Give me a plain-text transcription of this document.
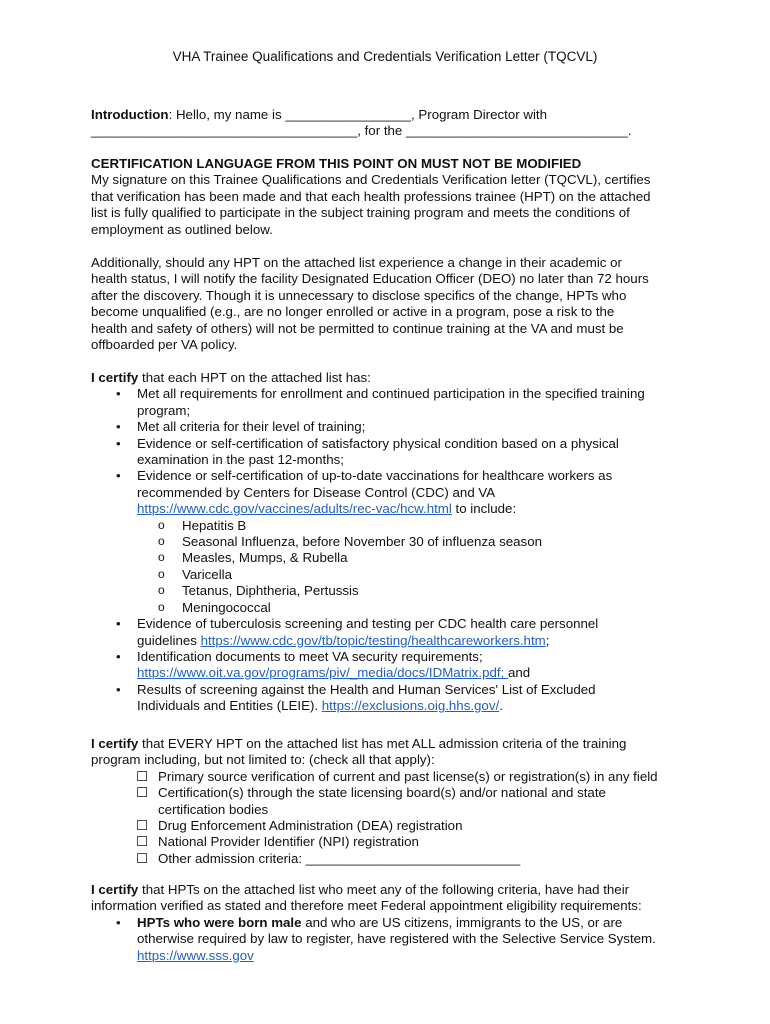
VHA Trainee Qualifications and Credentials Verification Letter (TQCVL)
Introduction: Hello, my name is _________________, Program Director with
____________________________________, for the ______________________________.

CERTIFICATION LANGUAGE FROM THIS POINT ON MUST NOT BE MODIFIED

My signature on this Trainee Qualifications and Credentials Verification letter (TQCVL), certifies
that verification has been made and that each health professions trainee (HPT) on the attached
list is fully qualified to participate in the subject training program and meets the conditions of
employment as outlined below.

Additionally, should any HPT on the attached list experience a change in their academic or
health status, I will notify the facility Designated Education Officer (DEO) no later than 72 hours
after the discovery. Though it is unnecessary to disclose specifics of the change, HPTs who
become unqualified (e.g., are no longer enrolled or active in a program, pose a risk to the
health and safety of others) will not be permitted to continue training at the VA and must be
offboarded per VA policy.

I certify that each HPT on the attached list has:

• Met all requirements for enrollment and continued participation in the specified training
program;
• Met all criteria for their level of training;
• Evidence or self-certification of satisfactory physical condition based on a physical
examination in the past 12-months;
• Evidence or self-certification of up-to-date vaccinations for healthcare workers as
recommended by Centers for Disease Control (CDC) and VA
https://www.cdc.gov/vaccines/adults/rec-vac/hcw.html to include:
o Hepatitis B
o Seasonal Influenza, before November 30 of influenza season
o Measles, Mumps, & Rubella
o Varicella
o Tetanus, Diphtheria, Pertussis
o Meningococcal
• Evidence of tuberculosis screening and testing per CDC health care personnel
guidelines https://www.cdc.gov/tb/topic/testing/healthcareworkers.htm;
• Identification documents to meet VA security requirements;
https://www.oit.va.gov/programs/piv/_media/docs/IDMatrix.pdf; and
• Results of screening against the Health and Human Services' List of Excluded
Individuals and Entities (LEIE). https://exclusions.oig.hhs.gov/.

I certify that EVERY HPT on the attached list has met ALL admission criteria of the training
program including, but not limited to: (check all that apply):

☐ Primary source verification of current and past license(s) or registration(s) in any field
☐ Certification(s) through the state licensing board(s) and/or national and state
certification bodies
☐ Drug Enforcement Administration (DEA) registration
☐ National Provider Identifier (NPI) registration
☐ Other admission criteria: _____________________________

I certify that HPTs on the attached list who meet any of the following criteria, have had their
information verified as stated and therefore meet Federal appointment eligibility requirements:

• HPTs who were born male and who are US citizens, immigrants to the US, or are
otherwise required by law to register, have registered with the Selective Service System.
https://www.sss.gov
